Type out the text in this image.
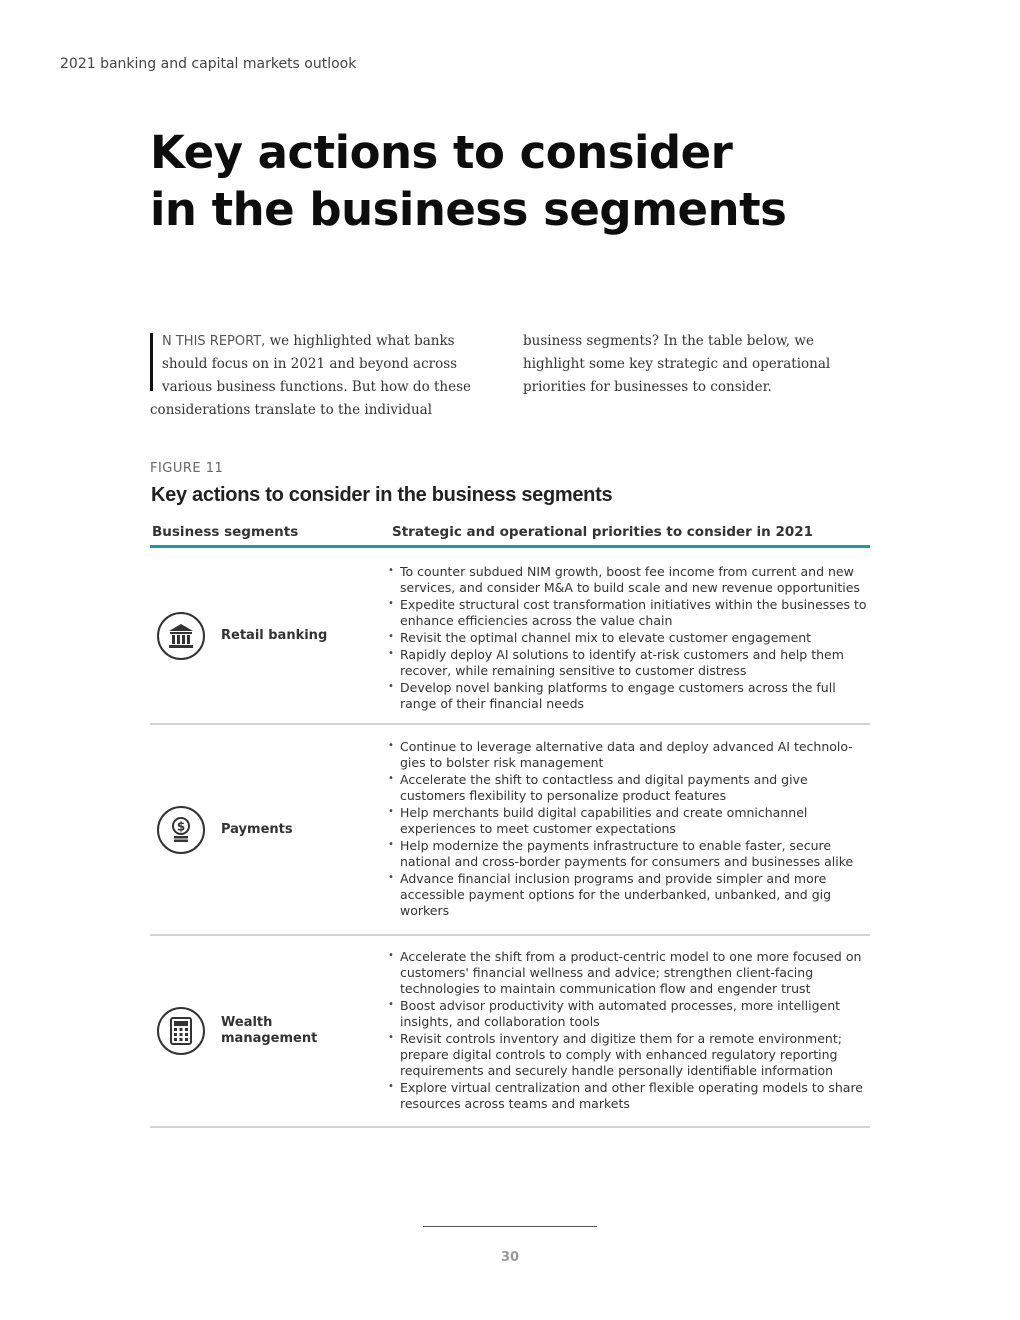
2021 banking and capital markets outlook
Key actions to consider in the business segments

N THIS REPORT, we highlighted what banks should focus on in 2021 and beyond across various business functions. But how do these considerations translate to the individual business segments? In the table below, we highlight some key strategic and operational priorities for businesses to consider.

FIGURE 11
Key actions to consider in the business segments
Business segments	Strategic and operational priorities to consider in 2021
Retail banking
• To counter subdued NIM growth, boost fee income from current and new services, and consider M&A to build scale and new revenue opportunities
• Expedite structural cost transformation initiatives within the businesses to enhance efficiencies across the value chain
• Revisit the optimal channel mix to elevate customer engagement
• Rapidly deploy AI solutions to identify at-risk customers and help them recover, while remaining sensitive to customer distress
• Develop novel banking platforms to engage customers across the full range of their financial needs
$	Payments
• Continue to leverage alternative data and deploy advanced AI technolo-gies to bolster risk management
• Accelerate the shift to contactless and digital payments and give customers flexibility to personalize product features
• Help merchants build digital capabilities and create omnichannel experiences to meet customer expectations
• Help modernize the payments infrastructure to enable faster, secure national and cross-border payments for consumers and businesses alike
• Advance financial inclusion programs and provide simpler and more accessible payment options for the underbanked, unbanked, and gig workers
Wealth management
• Accelerate the shift from a product-centric model to one more focused on customers' financial wellness and advice; strengthen client-facing technologies to maintain communication flow and engender trust
• Boost advisor productivity with automated processes, more intelligent insights, and collaboration tools
• Revisit controls inventory and digitize them for a remote environment; prepare digital controls to comply with enhanced regulatory reporting requirements and securely handle personally identifiable information
• Explore virtual centralization and other flexible operating models to share resources across teams and markets
30
